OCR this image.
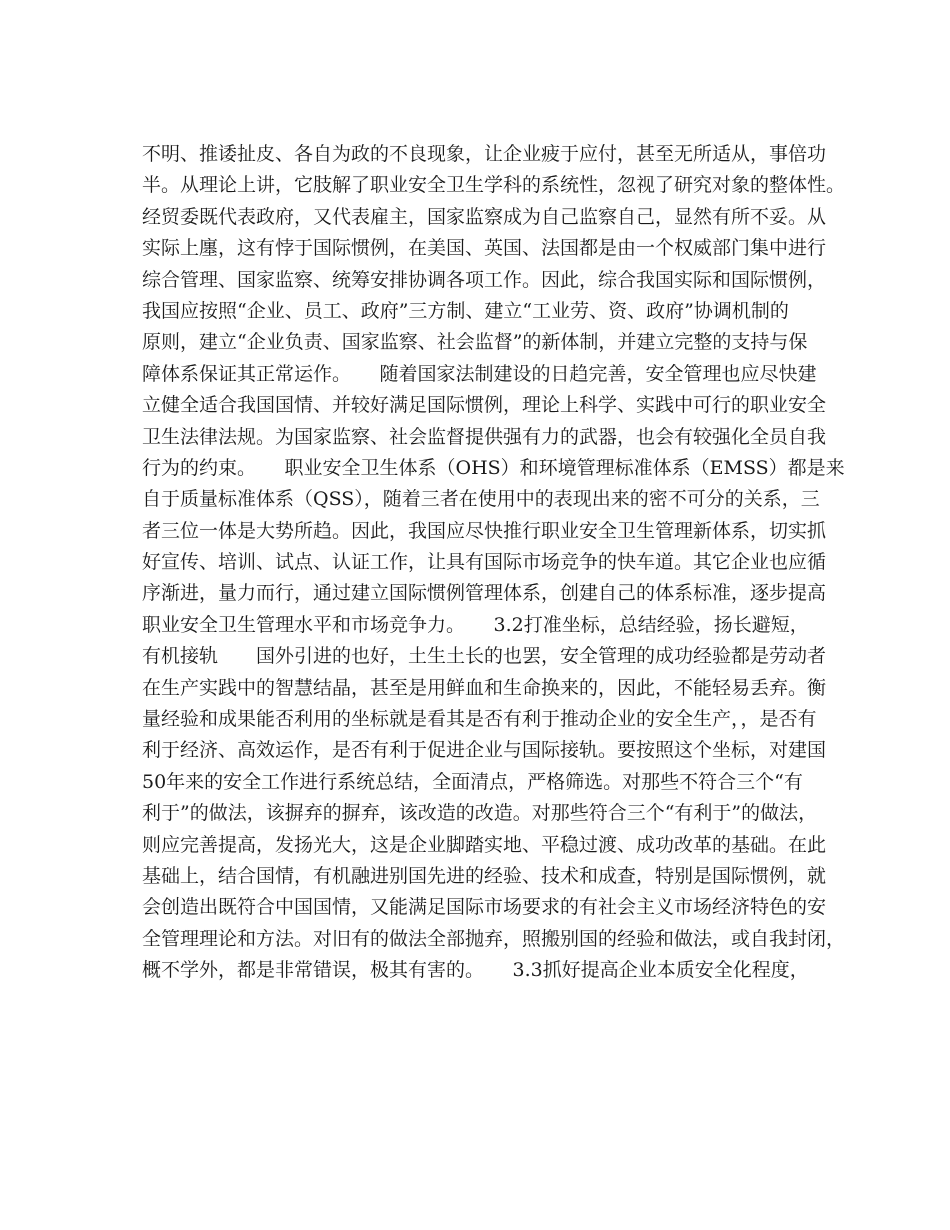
不明、推诿扯皮、各自为政的不良现象，让企业疲于应付，甚至无所适从，事倍功
半。从理论上讲，它肢解了职业安全卫生学科的系统性，忽视了研究对象的整体性。
经贸委既代表政府，又代表雇主，国家监察成为自己监察自己，显然有所不妥。从
实际上廛，这有悖于国际惯例，在美国、英国、法国都是由一个权威部门集中进行
综合管理、国家监察、统筹安排协调各项工作。因此，综合我国实际和国际惯例，
我国应按照“企业、员工、政府”三方制、建立“工业劳、资、政府”协调机制的
原则，建立“企业负责、国家监察、社会监督”的新体制，并建立完整的支持与保
障体系保证其正常运作。　　随着国家法制建设的日趋完善，安全管理也应尽快建
立健全适合我国国情、并较好满足国际惯例，理论上科学、实践中可行的职业安全
卫生法律法规。为国家监察、社会监督提供强有力的武器，也会有较强化全员自我
行为的约束。　　职业安全卫生体系（OHS）和环境管理标准体系（EMSS）都是来
自于质量标准体系（QSS），随着三者在使用中的表现出来的密不可分的关系，三
者三位一体是大势所趋。因此，我国应尽快推行职业安全卫生管理新体系，切实抓
好宣传、培训、试点、认证工作，让具有国际市场竞争的快车道。其它企业也应循
序渐进，量力而行，通过建立国际惯例管理体系，创建自己的体系标准，逐步提高
职业安全卫生管理水平和市场竞争力。　　3.2打准坐标，总结经验，扬长避短，
有机接轨　　国外引进的也好，土生土长的也罢，安全管理的成功经验都是劳动者
在生产实践中的智慧结晶，甚至是用鲜血和生命换来的，因此，不能轻易丢弃。衡
量经验和成果能否利用的坐标就是看其是否有利于推动企业的安全生产，，是否有
利于经济、高效运作，是否有利于促进企业与国际接轨。要按照这个坐标，对建国
50年来的安全工作进行系统总结，全面清点，严格筛选。对那些不符合三个“有
利于”的做法，该摒弃的摒弃，该改造的改造。对那些符合三个“有利于”的做法，
则应完善提高，发扬光大，这是企业脚踏实地、平稳过渡、成功改革的基础。在此
基础上，结合国情，有机融进别国先进的经验、技术和成查，特别是国际惯例，就
会创造出既符合中国国情，又能满足国际市场要求的有社会主义市场经济特色的安
全管理理论和方法。对旧有的做法全部抛弃，照搬别国的经验和做法，或自我封闭，
概不学外，都是非常错误，极其有害的。　　3.3抓好提高企业本质安全化程度，
